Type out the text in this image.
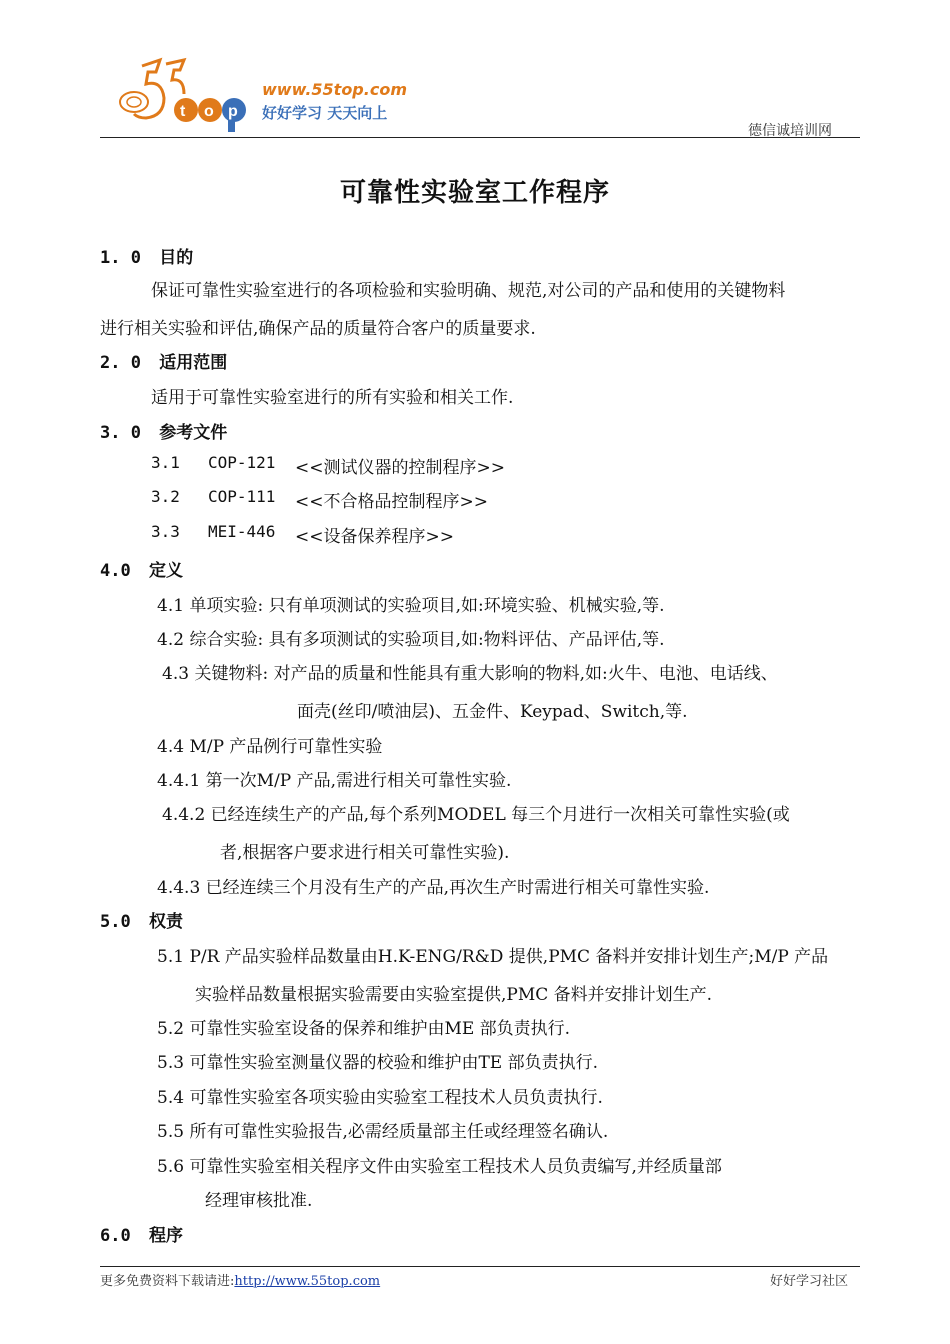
t o p
www.55top.com
好好学习 天天向上
德信诚培训网
可靠性实验室工作程序
1. 0 目的
保证可靠性实验室进行的各项检验和实验明确、规范,对公司的产品和使用的关键物料
进行相关实验和评估,确保产品的质量符合客户的质量要求.
2. 0 适用范围
适用于可靠性实验室进行的所有实验和相关工作.
3. 0 参考文件
3.1 COP-121 <<测试仪器的控制程序>>
3.2 COP-111 <<不合格品控制程序>>
3.3 MEI-446 <<设备保养程序>>
4.0 定义
4.1 单项实验: 只有单项测试的实验项目,如:环境实验、机械实验,等.
4.2 综合实验: 具有多项测试的实验项目,如:物料评估、产品评估,等.
4.3 关键物料: 对产品的质量和性能具有重大影响的物料,如:火牛、电池、电话线、
面壳(丝印/喷油层)、五金件、Keypad、Switch,等.
4.4 M/P 产品例行可靠性实验
4.4.1 第一次M/P 产品,需进行相关可靠性实验.
4.4.2 已经连续生产的产品,每个系列MODEL 每三个月进行一次相关可靠性实验(或
者,根据客户要求进行相关可靠性实验).
4.4.3 已经连续三个月没有生产的产品,再次生产时需进行相关可靠性实验.
5.0 权责
5.1 P/R 产品实验样品数量由H.K-ENG/R&D 提供,PMC 备料并安排计划生产;M/P 产品
实验样品数量根据实验需要由实验室提供,PMC 备料并安排计划生产.
5.2 可靠性实验室设备的保养和维护由ME 部负责执行.
5.3 可靠性实验室测量仪器的校验和维护由TE 部负责执行.
5.4 可靠性实验室各项实验由实验室工程技术人员负责执行.
5.5 所有可靠性实验报告,必需经质量部主任或经理签名确认.
5.6 可靠性实验室相关程序文件由实验室工程技术人员负责编写,并经质量部
经理审核批准.
6.0 程序
更多免费资料下载请进:http://www.55top.com	好好学习社区
